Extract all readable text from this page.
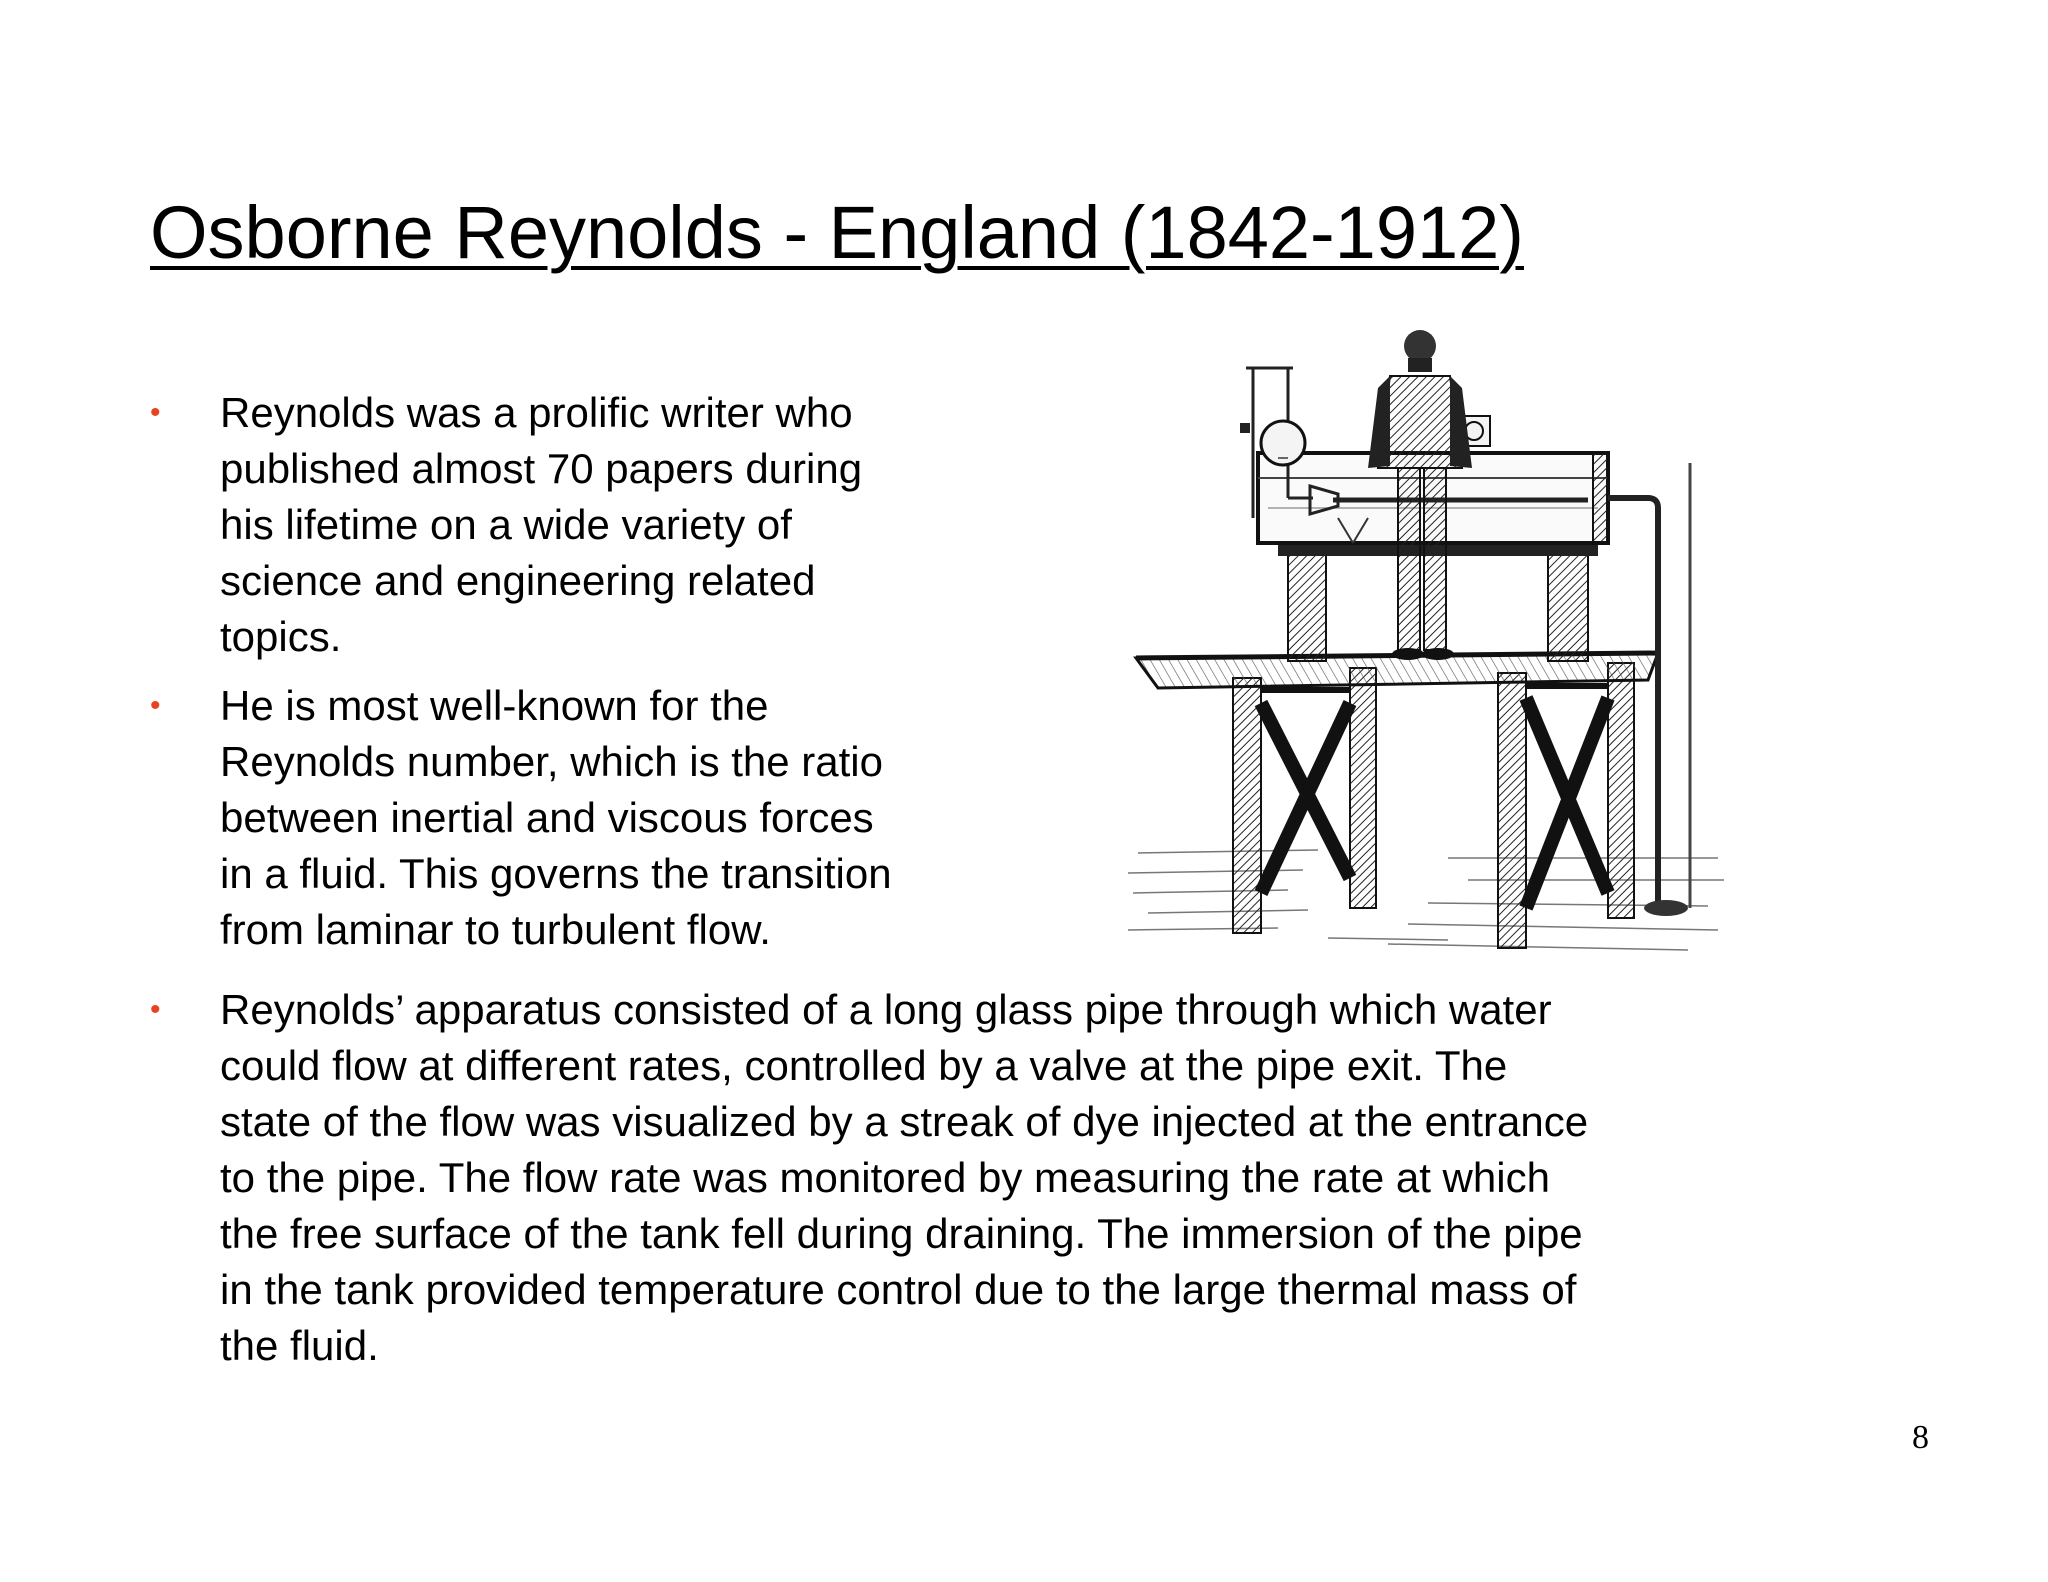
Osborne Reynolds - England (1842-1912)
•	Reynolds was a prolific writer who
published almost 70 papers during
his lifetime on a wide variety of
science and engineering related
topics.
•	He is most well-known for the
Reynolds number, which is the ratio
between inertial and viscous forces
in a fluid. This governs the transition
from laminar to turbulent flow.
•	Reynolds’ apparatus consisted of a long glass pipe through which water
could flow at different rates, controlled by a valve at the pipe exit. The
state of the flow was visualized by a streak of dye injected at the entrance
to the pipe. The flow rate was monitored by measuring the rate at which
the free surface of the tank fell during draining. The immersion of the pipe
in the tank provided temperature control due to the large thermal mass of
the fluid.
8
